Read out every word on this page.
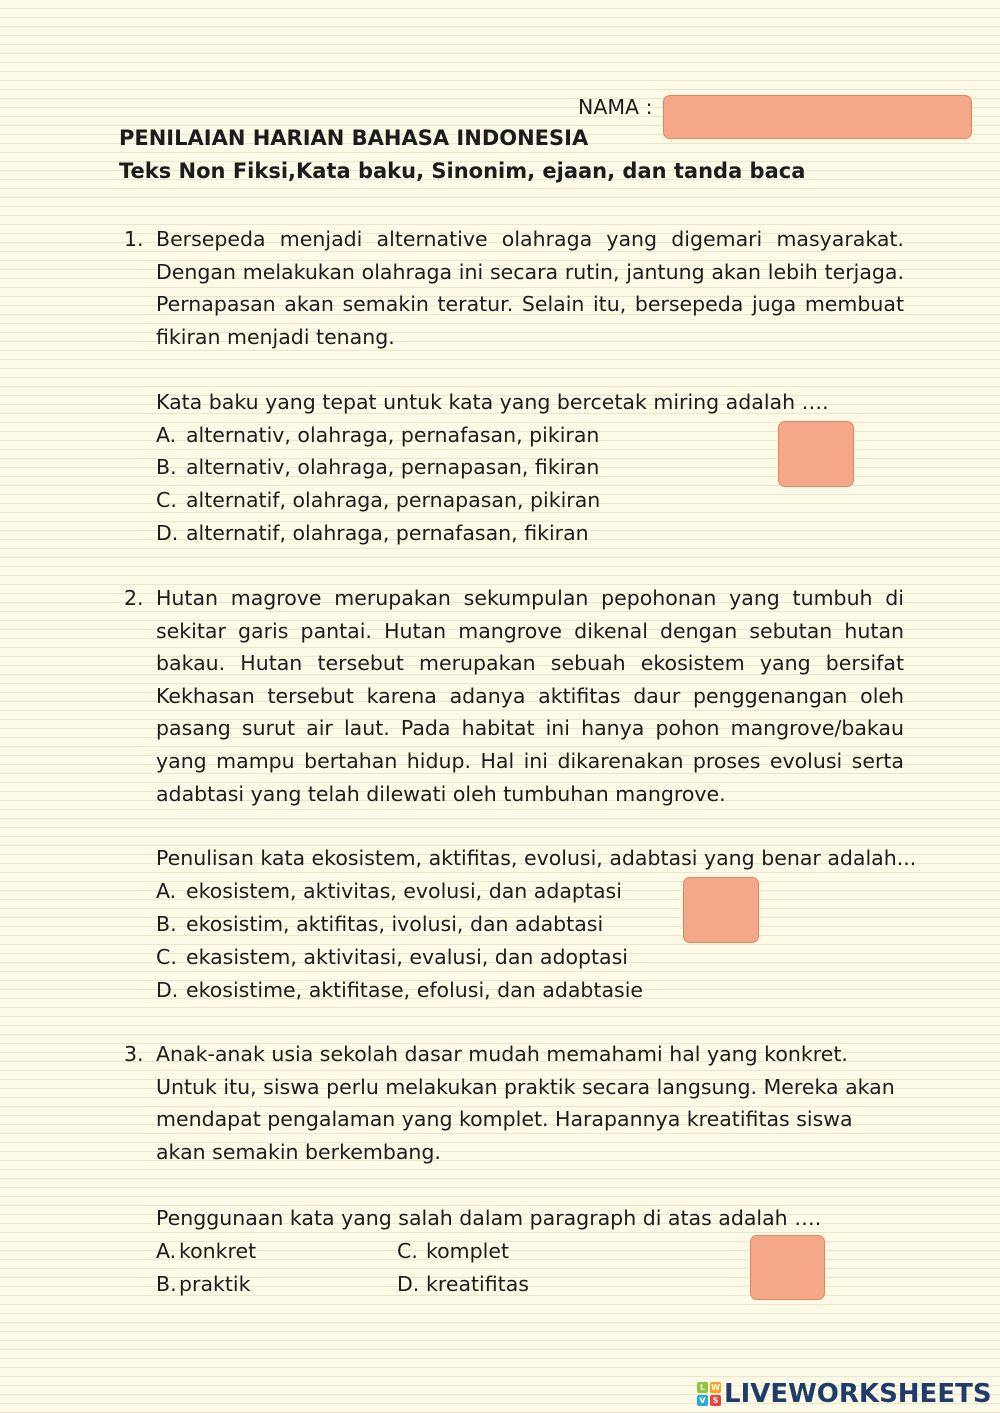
NAMA :
PENILAIAN HARIAN BAHASA INDONESIA
Teks Non Fiksi,Kata baku, Sinonim, ejaan, dan tanda baca
1. Bersepeda menjadi alternative olahraga yang digemari masyarakat.
Dengan melakukan olahraga ini secara rutin, jantung akan lebih terjaga.
Pernapasan akan semakin teratur. Selain itu, bersepeda juga membuat
fikiran menjadi tenang.
Kata baku yang tepat untuk kata yang bercetak miring adalah ….
A. alternativ, olahraga, pernafasan, pikiran
B. alternativ, olahraga, pernapasan, fikiran
C. alternatif, olahraga, pernapasan, pikiran
D. alternatif, olahraga, pernafasan, fikiran
2. Hutan magrove merupakan sekumpulan pepohonan yang tumbuh di
sekitar garis pantai. Hutan mangrove dikenal dengan sebutan hutan
bakau. Hutan tersebut merupakan sebuah ekosistem yang bersifat
Kekhasan tersebut karena adanya aktifitas daur penggenangan oleh
pasang surut air laut. Pada habitat ini hanya pohon mangrove/bakau
yang mampu bertahan hidup. Hal ini dikarenakan proses evolusi serta
adabtasi yang telah dilewati oleh tumbuhan mangrove.
Penulisan kata ekosistem, aktifitas, evolusi, adabtasi yang benar adalah...
A. ekosistem, aktivitas, evolusi, dan adaptasi
B. ekosistim, aktifitas, ivolusi, dan adabtasi
C. ekasistem, aktivitasi, evalusi, dan adoptasi
D. ekosistime, aktifitase, efolusi, dan adabtasie
3. Anak-anak usia sekolah dasar mudah memahami hal yang konkret.
Untuk itu, siswa perlu melakukan praktik secara langsung. Mereka akan
mendapat pengalaman yang komplet. Harapannya kreatifitas siswa
akan semakin berkembang.
Penggunaan kata yang salah dalam paragraph di atas adalah ….
A. konkret
B. praktik
C. komplet
D. kreatifitas
L W
V S LIVEWORKSHEETS
